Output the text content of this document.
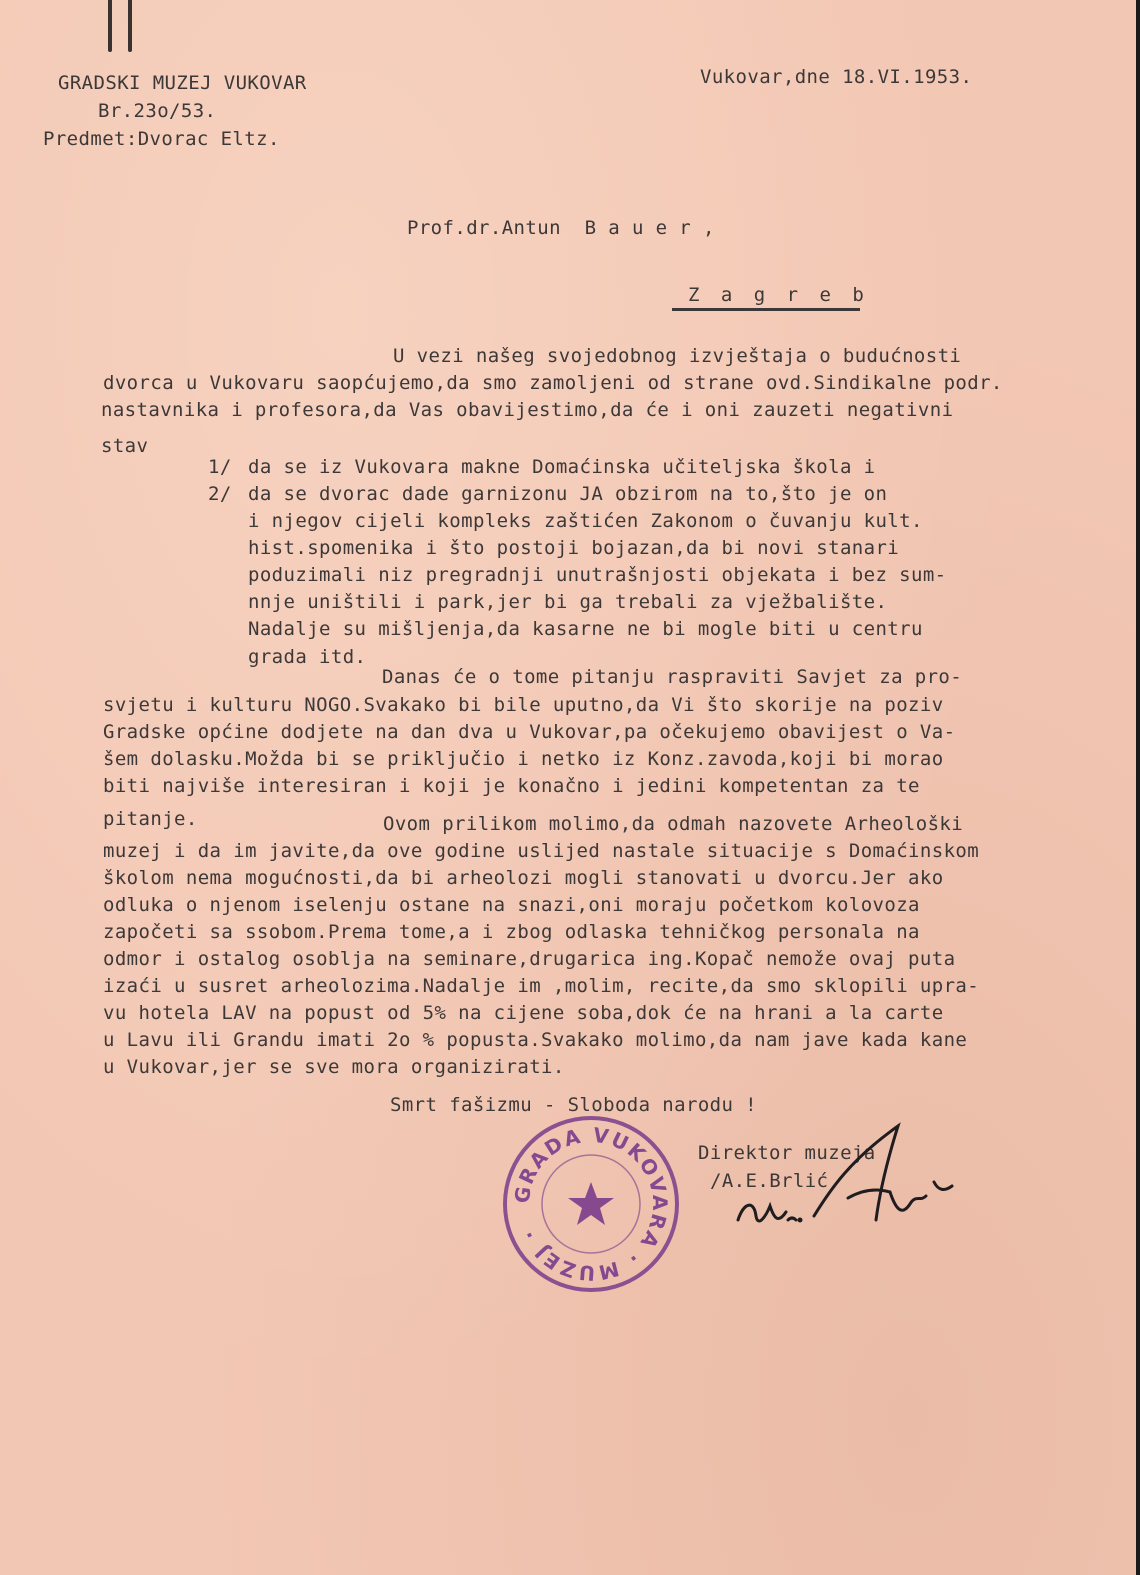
GRADSKI MUZEJ VUKOVAR

Br.23o/53.

Predmet:Dvorac Eltz.

Vukovar,dne 18.VI.1953.

Prof.dr.Antun  B a u e r ,

Z a g r e b

U vezi našeg svojedobnog izvještaja o budućnosti

dvorca u Vukovaru saopćujemo,da smo zamoljeni od strane ovd.Sindikalne podr.

nastavnika i profesora,da Vas obavijestimo,da će i oni zauzeti negativni

stav

1/ da se iz Vukovara makne Domaćinska učiteljska škola i

2/ da se dvorac dade garnizonu JA obzirom na to,što je on

i njegov cijeli kompleks zaštićen Zakonom o čuvanju kult.

hist.spomenika i što postoji bojazan,da bi novi stanari

poduzimali niz pregradnji unutrašnjosti objekata i bez sum-

nnje uništili i park,jer bi ga trebali za vježbalište.

Nadalje su mišljenja,da kasarne ne bi mogle biti u centru

grada itd.

Danas će o tome pitanju raspraviti Savjet za pro-

svjetu i kulturu NOGO.Svakako bi bile uputno,da Vi što skorije na poziv

Gradske općine dodjete na dan dva u Vukovar,pa očekujemo obavijest o Va-

šem dolasku.Možda bi se priključio i netko iz Konz.zavoda,koji bi morao

biti najviše interesiran i koji je konačno i jedini kompetentan za te

pitanje.	Ovom prilikom molimo,da odmah nazovete Arheološki

muzej i da im javite,da ove godine uslijed nastale situacije s Domaćinskom

školom nema mogućnosti,da bi arheolozi mogli stanovati u dvorcu.Jer ako

odluka o njenom iselenju ostane na snazi,oni moraju početkom kolovoza

započeti sa ssobom.Prema tome,a i zbog odlaska tehničkog personala na

odmor i ostalog osoblja na seminare,drugarica ing.Kopač nemože ovaj puta

izaći u susret arheolozima.Nadalje im ,molim, recite,da smo sklopili upra-

vu hotela LAV na popust od 5% na cijene soba,dok će na hrani a la carte

u Lavu ili Grandu imati 2o % popusta.Svakako molimo,da nam jave kada kane

u Vukovar,jer se sve mora organizirati.

Smrt fašizmu - Sloboda narodu !

Direktor muzeja

/A.E.Brlić

GRADA VUKOVARA · MUZEJ ·
